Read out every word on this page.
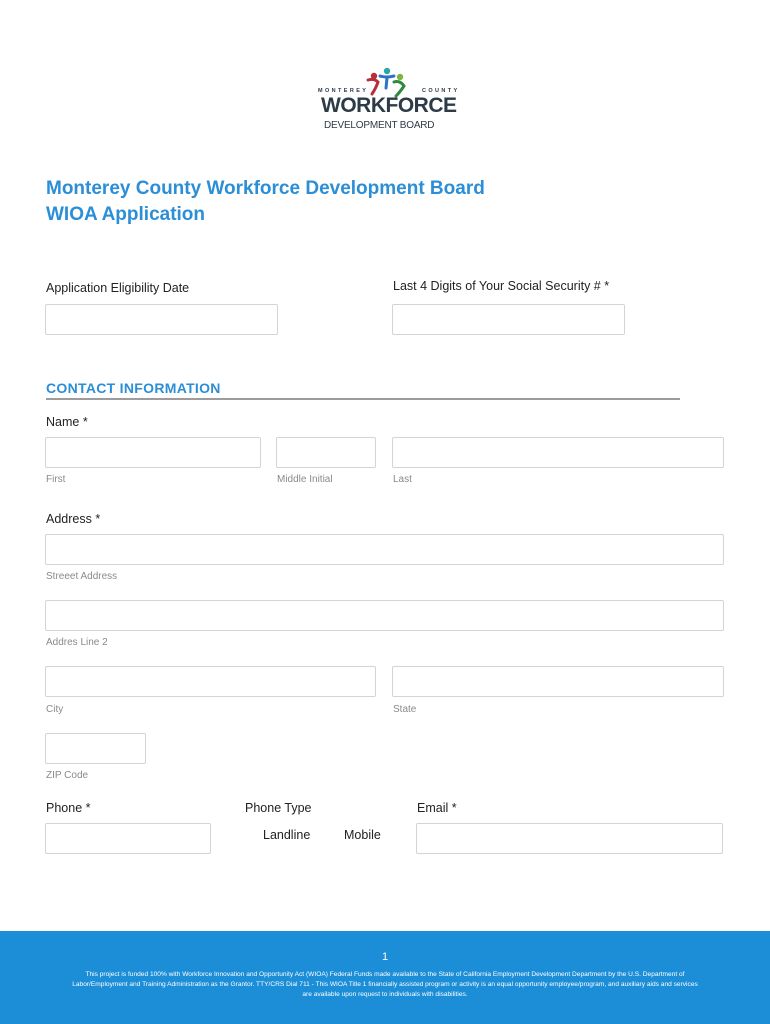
MONTEREY	COUNTY
WORKFORCE
DEVELOPMENT BOARD
Monterey County Workforce Development Board
WIOA Application
Application Eligibility Date	Last 4 Digits of Your Social Security # *
CONTACT INFORMATION
Name *
First	Middle Initial	Last
Address *
Streeet Address
Addres Line 2
City	State
ZIP Code
Phone *	Phone Type
Landline	Mobile
Email *
1
This project is funded 100% with Workforce Innovation and Opportunity Act (WIOA) Federal Funds made available to the State of California Employment Development Department by the U.S. Department of Labor/Employment and Training Administration as the Grantor. TTY/CRS Dial 711 - This WIOA Title 1 financially assisted program or activity is an equal opportunity employee/program, and auxiliary aids and services are available upon request to individuals with disabilities.
